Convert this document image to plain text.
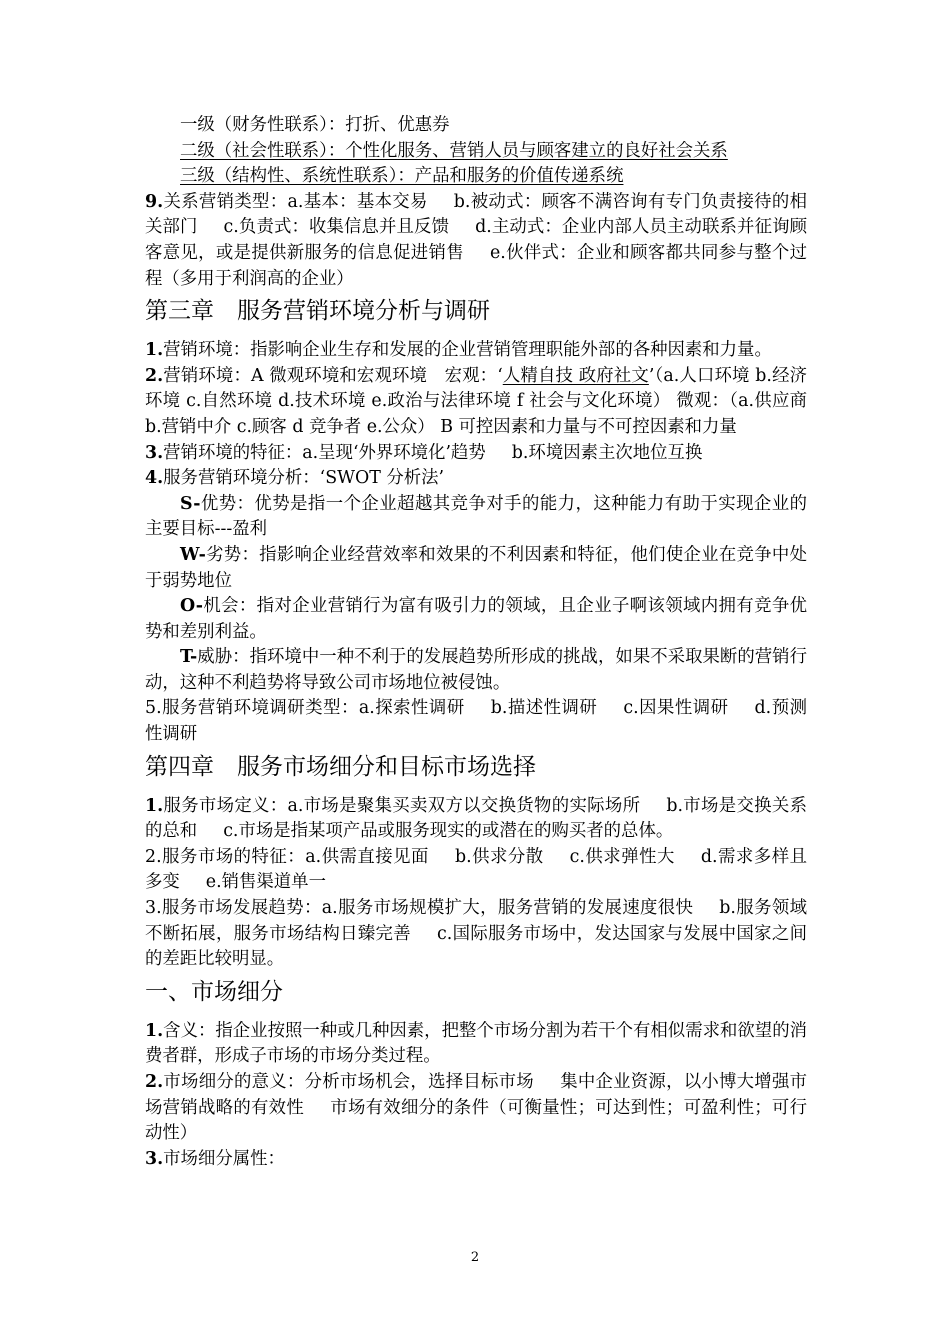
一级（财务性联系）：打折、优惠券

二级（社会性联系）：个性化服务、营销人员与顾客建立的良好社会关系

三级（结构性、系统性联系）：产品和服务的价值传递系统

9.关系营销类型：a.基本：基本交易 b.被动式：顾客不满咨询有专门负责接待的相关部门 c.负责式：收集信息并且反馈 d.主动式：企业内部人员主动联系并征询顾客意见，或是提供新服务的信息促进销售 e.伙伴式：企业和顾客都共同参与整个过程（多用于利润高的企业）

第三章　服务营销环境分析与调研

1.营销环境：指影响企业生存和发展的企业营销管理职能外部的各种因素和力量。

2.营销环境：A 微观环境和宏观环境　宏观：‘人精自技 政府社文’（a.人口环境 b.经济环境 c.自然环境 d.技术环境 e.政治与法律环境 f 社会与文化环境） 微观：（a.供应商 b.营销中介 c.顾客 d 竞争者 e.公众） B 可控因素和力量与不可控因素和力量

3.营销环境的特征：a.呈现‘外界环境化’趋势 b.环境因素主次地位互换

4.服务营销环境分析：‘SWOT 分析法’

S-优势：优势是指一个企业超越其竞争对手的能力，这种能力有助于实现企业的主要目标---盈利

W-劣势：指影响企业经营效率和效果的不利因素和特征，他们使企业在竞争中处于弱势地位

O-机会：指对企业营销行为富有吸引力的领域，且企业子啊该领域内拥有竞争优势和差别利益。

T-威胁：指环境中一种不利于的发展趋势所形成的挑战，如果不采取果断的营销行动，这种不利趋势将导致公司市场地位被侵蚀。

5.服务营销环境调研类型：a.探索性调研 b.描述性调研 c.因果性调研 d.预测性调研

第四章　服务市场细分和目标市场选择

1.服务市场定义：a.市场是聚集买卖双方以交换货物的实际场所 b.市场是交换关系的总和 c.市场是指某项产品或服务现实的或潜在的购买者的总体。

2.服务市场的特征：a.供需直接见面 b.供求分散 c.供求弹性大 d.需求多样且多变 e.销售渠道单一

3.服务市场发展趋势：a.服务市场规模扩大，服务营销的发展速度很快 b.服务领域不断拓展，服务市场结构日臻完善 c.国际服务市场中，发达国家与发展中国家之间的差距比较明显。

一、市场细分

1.含义：指企业按照一种或几种因素，把整个市场分割为若干个有相似需求和欲望的消费者群，形成子市场的市场分类过程。

2.市场细分的意义：分析市场机会，选择目标市场 集中企业资源，以小博大增强市场营销战略的有效性 市场有效细分的条件（可衡量性；可达到性；可盈利性；可行动性）

3.市场细分属性：

2
